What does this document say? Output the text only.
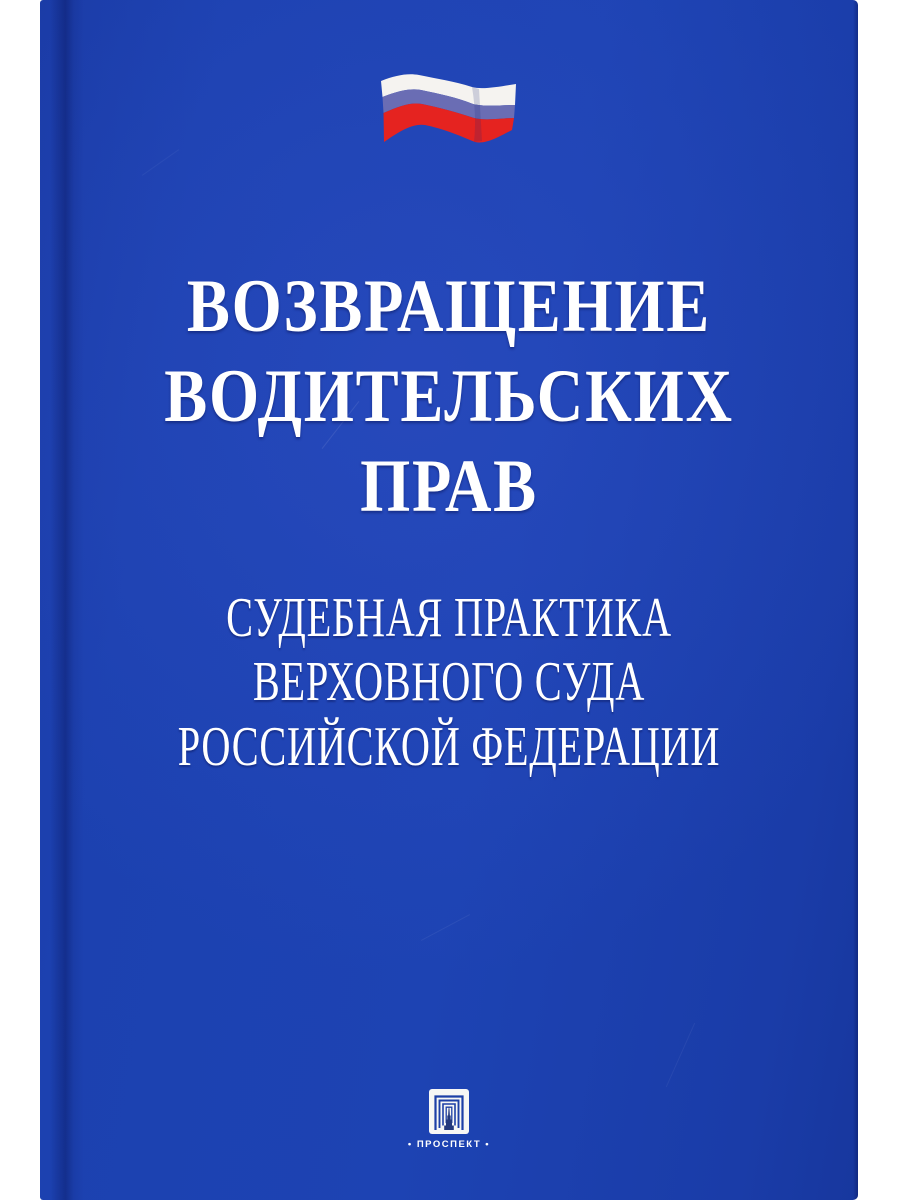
ВОЗВРАЩЕНИЕ
ВОДИТЕЛЬСКИХ
ПРАВ
СУДЕБНАЯ ПРАКТИКА
ВЕРХОВНОГО СУДА
РОССИЙСКОЙ ФЕДЕРАЦИИ
• ПРОСПЕКТ •
